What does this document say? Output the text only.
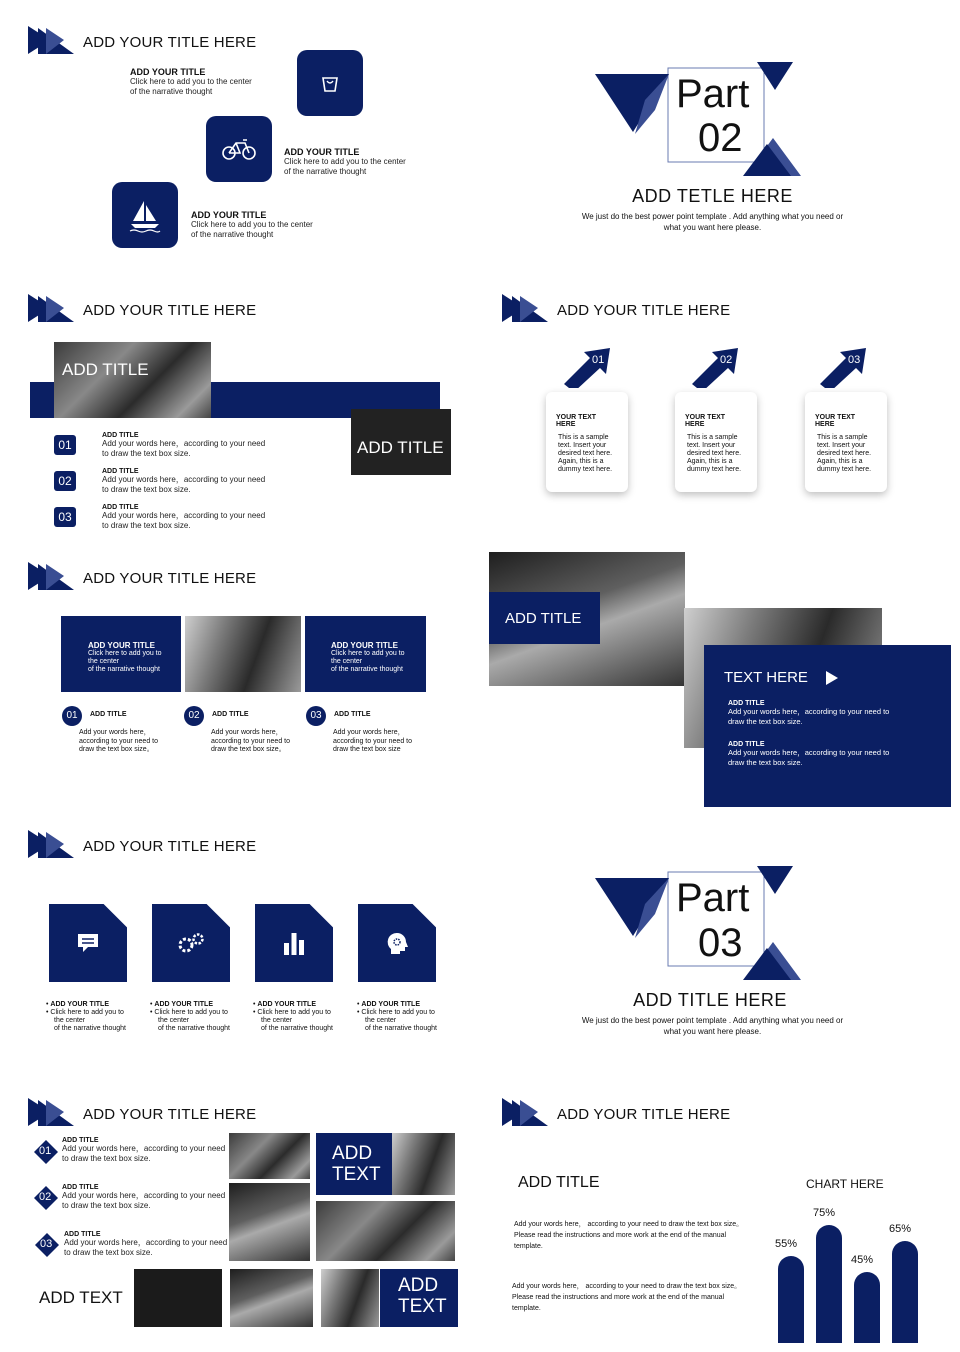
ADD YOUR TITLE HERE
ADD YOUR TITLE
Click here to add you to the center
of the narrative thought
ADD YOUR TITLE
Click here to add you to the center
of the narrative thought
ADD YOUR TITLE
Click here to add you to the center
of the narrative thought
Part
02
ADD TETLE HERE
We just do the best power point template . Add anything what you need or
what you want here please.
ADD YOUR TITLE HERE
ADD TITLE
ADD TITLE
01
ADD TITLE
Add your words here，according to your need
to draw the text box size.
02
ADD TITLE
Add your words here，according to your need
to draw the text box size.
03
ADD TITLE
Add your words here，according to your need
to draw the text box size.
ADD YOUR TITLE HERE
01
YOUR TEXT HERE
This is a sample
text. Insert your
desired text here.
Again, this is a
dummy text here.
02
YOUR TEXT HERE
This is a sample
text. Insert your
desired text here.
Again, this is a
dummy text here.
03
YOUR TEXT HERE
This is a sample
text. Insert your
desired text here.
Again, this is a
dummy text here.
ADD YOUR TITLE HERE
ADD YOUR TITLE
Click here to add you to
the center
of the narrative thought
ADD YOUR TITLE
Click here to add you to
the center
of the narrative thought
01	ADD TITLE
Add your words here，
according to your need to
draw the text box size。
02	ADD TITLE
Add your words here，
according to your need to
draw the text box size。
03	ADD TITLE
Add your words here，
according to your need to
draw the text box size
ADD TITLE
TEXT HERE
ADD TITLE
Add your words here，according to your need to
draw the text box size.
ADD TITLE
Add your words here，according to your need to
draw the text box size.
ADD YOUR TITLE HERE
• ADD YOUR TITLE
• Click here to add you to
the center
of the narrative thought
• ADD YOUR TITLE
• Click here to add you to
the center
of the narrative thought
• ADD YOUR TITLE
• Click here to add you to
the center
of the narrative thought
• ADD YOUR TITLE
• Click here to add you to
the center
of the narrative thought
Part
03
ADD TITLE HERE
We just do the best power point template . Add anything what you need or
what you want here please.
ADD YOUR TITLE HERE
01
ADD TITLE
Add your words here，according to your need
to draw the text box size.
02
ADD TITLE
Add your words here，according to your need
to draw the text box size.
03
ADD TITLE
Add your words here，according to your need
to draw the text box size.
ADD
TEXT
ADD TEXT
ADD
TEXT
ADD YOUR TITLE HERE
ADD TITLE
Add your words here， according to your need to draw the text box size。
Please read the instructions and more work at the end of the manual
template.
Add your words here， according to your need to draw the text box size。
Please read the instructions and more work at the end of the manual
template.
CHART HERE
55%
75%
45%
65%
